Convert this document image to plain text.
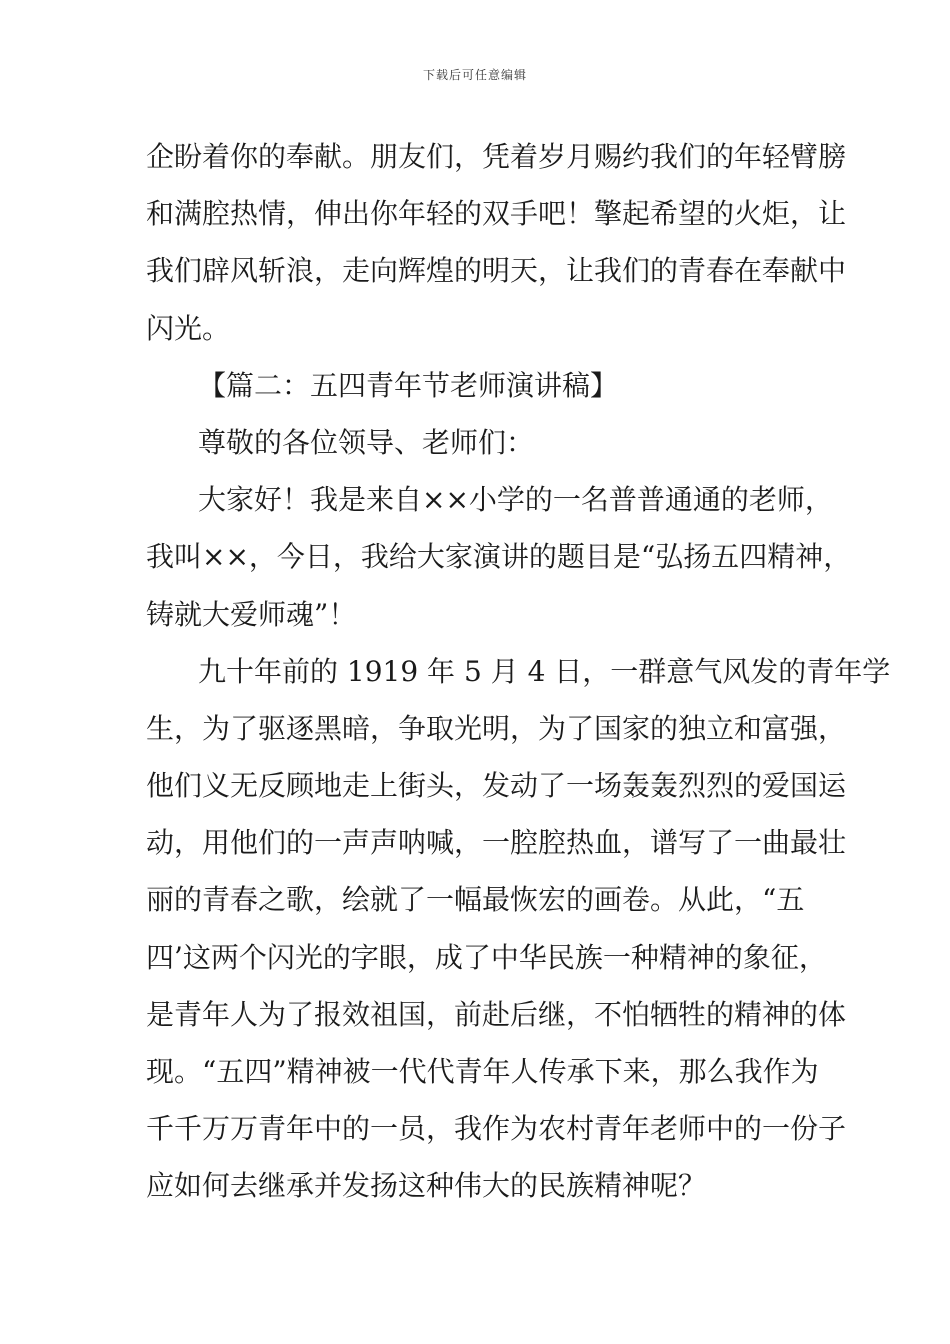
下载后可任意编辑
企盼着你的奉献。朋友们，凭着岁月赐约我们的年轻臂膀
和满腔热情，伸出你年轻的双手吧！擎起希望的火炬，让
我们辟风斩浪，走向辉煌的明天，让我们的青春在奉献中
闪光。
【篇二：五四青年节老师演讲稿】
尊敬的各位领导、老师们：
大家好！我是来自××小学的一名普普通通的老师，
我叫××，今日，我给大家演讲的题目是“弘扬五四精神，
铸就大爱师魂”！
九十年前的 1919 年 5 月 4 日，一群意气风发的青年学
生，为了驱逐黑暗，争取光明，为了国家的独立和富强，
他们义无反顾地走上街头，发动了一场轰轰烈烈的爱国运
动，用他们的一声声呐喊，一腔腔热血，谱写了一曲最壮
丽的青春之歌，绘就了一幅最恢宏的画卷。从此，“五
四’这两个闪光的字眼，成了中华民族一种精神的象征，
是青年人为了报效祖国，前赴后继，不怕牺牲的精神的体
现。“五四”精神被一代代青年人传承下来，那么我作为
千千万万青年中的一员，我作为农村青年老师中的一份子
应如何去继承并发扬这种伟大的民族精神呢？
